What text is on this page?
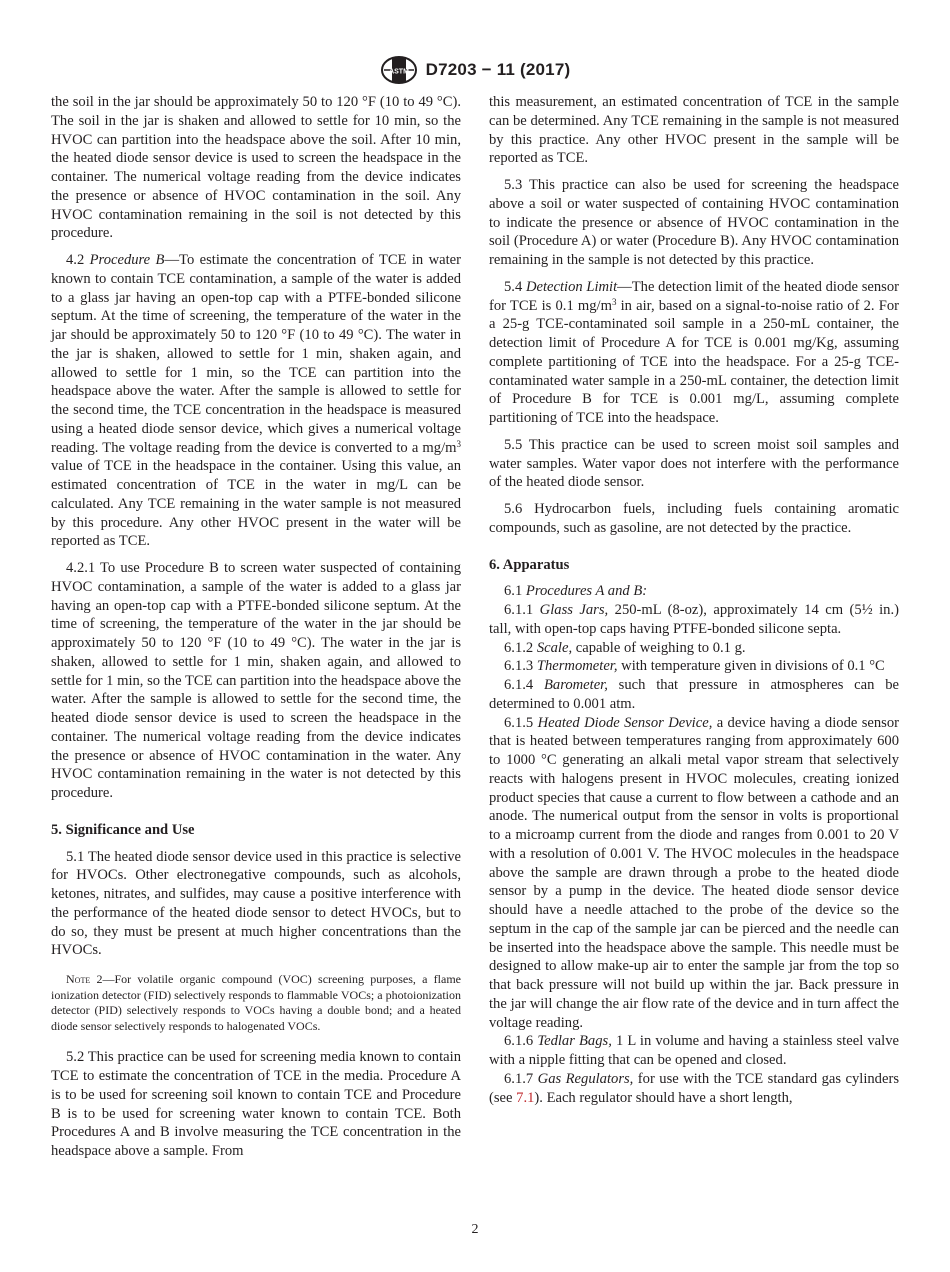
ASTM D7203 − 11 (2017)

the soil in the jar should be approximately 50 to 120 °F (10 to 49 °C). The soil in the jar is shaken and allowed to settle for 10 min, so the HVOC can partition into the headspace above the soil. After 10 min, the heated diode sensor device is used to screen the headspace in the container. The numerical voltage reading from the device indicates the presence or absence of HVOC contamination in the soil. Any HVOC contamination remaining in the soil is not detected by this procedure.

4.2 Procedure B—To estimate the concentration of TCE in water known to contain TCE contamination, a sample of the water is added to a glass jar having an open-top cap with a PTFE-bonded silicone septum. At the time of screening, the temperature of the water in the jar should be approximately 50 to 120 °F (10 to 49 °C). The water in the jar is shaken, allowed to settle for 1 min, shaken again, and allowed to settle for 1 min, so the TCE can partition into the headspace above the water. After the sample is allowed to settle for the second time, the TCE concentration in the headspace is measured using a heated diode sensor device, which gives a numerical voltage reading. The voltage reading from the device is converted to a $mg/m^3$ value of TCE in the headspace in the container. Using this value, an estimated concentration of TCE in the water in mg/L can be calculated. Any TCE remaining in the water sample is not measured by this procedure. Any other HVOC present in the water will be reported as TCE.

4.2.1 To use Procedure B to screen water suspected of containing HVOC contamination, a sample of the water is added to a glass jar having an open-top cap with a PTFE-bonded silicone septum. At the time of screening, the temperature of the water in the jar should be approximately 50 to 120 °F (10 to 49 °C). The water in the jar is shaken, allowed to settle for 1 min, shaken again, and allowed to settle for 1 min, so the TCE can partition into the headspace above the water. After the sample is allowed to settle for the second time, the heated diode sensor device is used to screen the headspace in the container. The numerical voltage reading from the device indicates the presence or absence of HVOC contamination in the water. Any HVOC contamination remaining in the water is not detected by this procedure.

5. Significance and Use

5.1 The heated diode sensor device used in this practice is selective for HVOCs. Other electronegative compounds, such as alcohols, ketones, nitrates, and sulfides, may cause a positive interference with the performance of the heated diode sensor to detect HVOCs, but to do so, they must be present at much higher concentrations than the HVOCs.

Note 2—For volatile organic compound (VOC) screening purposes, a flame ionization detector (FID) selectively responds to flammable VOCs; a photoionization detector (PID) selectively responds to VOCs having a double bond; and a heated diode sensor selectively responds to halogenated VOCs.

5.2 This practice can be used for screening media known to contain TCE to estimate the concentration of TCE in the media. Procedure A is to be used for screening soil known to contain TCE and Procedure B is to be used for screening water known to contain TCE. Both Procedures A and B involve measuring the TCE concentration in the headspace above a sample. From

this measurement, an estimated concentration of TCE in the sample can be determined. Any TCE remaining in the sample is not measured by this practice. Any other HVOC present in the sample will be reported as TCE.

5.3 This practice can also be used for screening the headspace above a soil or water suspected of containing HVOC contamination to indicate the presence or absence of HVOC contamination in the soil (Procedure A) or water (Procedure B). Any HVOC contamination remaining in the sample is not detected by this practice.

5.4 Detection Limit—The detection limit of the heated diode sensor for TCE is 0.1 $mg/m^3$ in air, based on a signal-to-noise ratio of 2. For a 25-g TCE-contaminated soil sample in a 250-mL container, the detection limit of Procedure A for TCE is 0.001 mg/Kg, assuming complete partitioning of TCE into the headspace. For a 25-g TCE-contaminated water sample in a 250-mL container, the detection limit of Procedure B for TCE is 0.001 mg/L, assuming complete partitioning of TCE into the headspace.

5.5 This practice can be used to screen moist soil samples and water samples. Water vapor does not interfere with the performance of the heated diode sensor.

5.6 Hydrocarbon fuels, including fuels containing aromatic compounds, such as gasoline, are not detected by the practice.

6. Apparatus

6.1 Procedures A and B:

6.1.1 Glass Jars, 250-mL (8-oz), approximately 14 cm (5½ in.) tall, with open-top caps having PTFE-bonded silicone septa.

6.1.2 Scale, capable of weighing to 0.1 g.

6.1.3 Thermometer, with temperature given in divisions of 0.1 °C

6.1.4 Barometer, such that pressure in atmospheres can be determined to 0.001 atm.

6.1.5 Heated Diode Sensor Device, a device having a diode sensor that is heated between temperatures ranging from approximately 600 to 1000 °C generating an alkali metal vapor stream that selectively reacts with halogens present in HVOC molecules, creating ionized product species that cause a current to flow between a cathode and an anode. The numerical output from the sensor in volts is proportional to a microamp current from the diode and ranges from 0.001 to 20 V with a resolution of 0.001 V. The HVOC molecules in the headspace above the sample are drawn through a probe to the heated diode sensor by a pump in the device. The heated diode sensor device should have a needle attached to the probe of the device so the septum in the cap of the sample jar can be pierced and the needle can be inserted into the headspace above the sample. This needle must be designed to allow make-up air to enter the sample jar from the top so that back pressure will not build up within the jar. Back pressure in the jar will change the air flow rate of the device and in turn affect the voltage reading.

6.1.6 Tedlar Bags, 1 L in volume and having a stainless steel valve with a nipple fitting that can be opened and closed.

6.1.7 Gas Regulators, for use with the TCE standard gas cylinders (see 7.1). Each regulator should have a short length,

2
